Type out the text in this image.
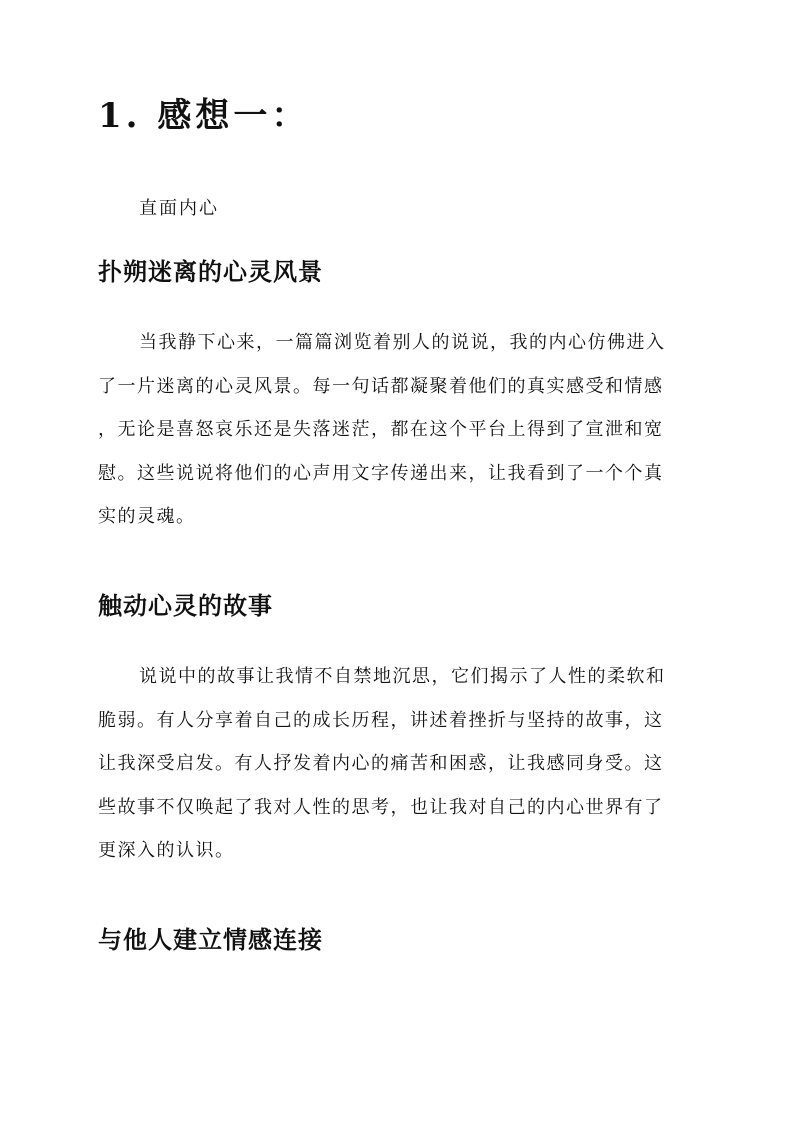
1. 感想一：
直面内心
扑朔迷离的心灵风景
当我静下心来，一篇篇浏览着别人的说说，我的内心仿佛进入
了一片迷离的心灵风景。每一句话都凝聚着他们的真实感受和情感
，无论是喜怒哀乐还是失落迷茫，都在这个平台上得到了宣泄和宽
慰。这些说说将他们的心声用文字传递出来，让我看到了一个个真
实的灵魂。
触动心灵的故事
说说中的故事让我情不自禁地沉思，它们揭示了人性的柔软和
脆弱。有人分享着自己的成长历程，讲述着挫折与坚持的故事，这
让我深受启发。有人抒发着内心的痛苦和困惑，让我感同身受。这
些故事不仅唤起了我对人性的思考，也让我对自己的内心世界有了
更深入的认识。
与他人建立情感连接
